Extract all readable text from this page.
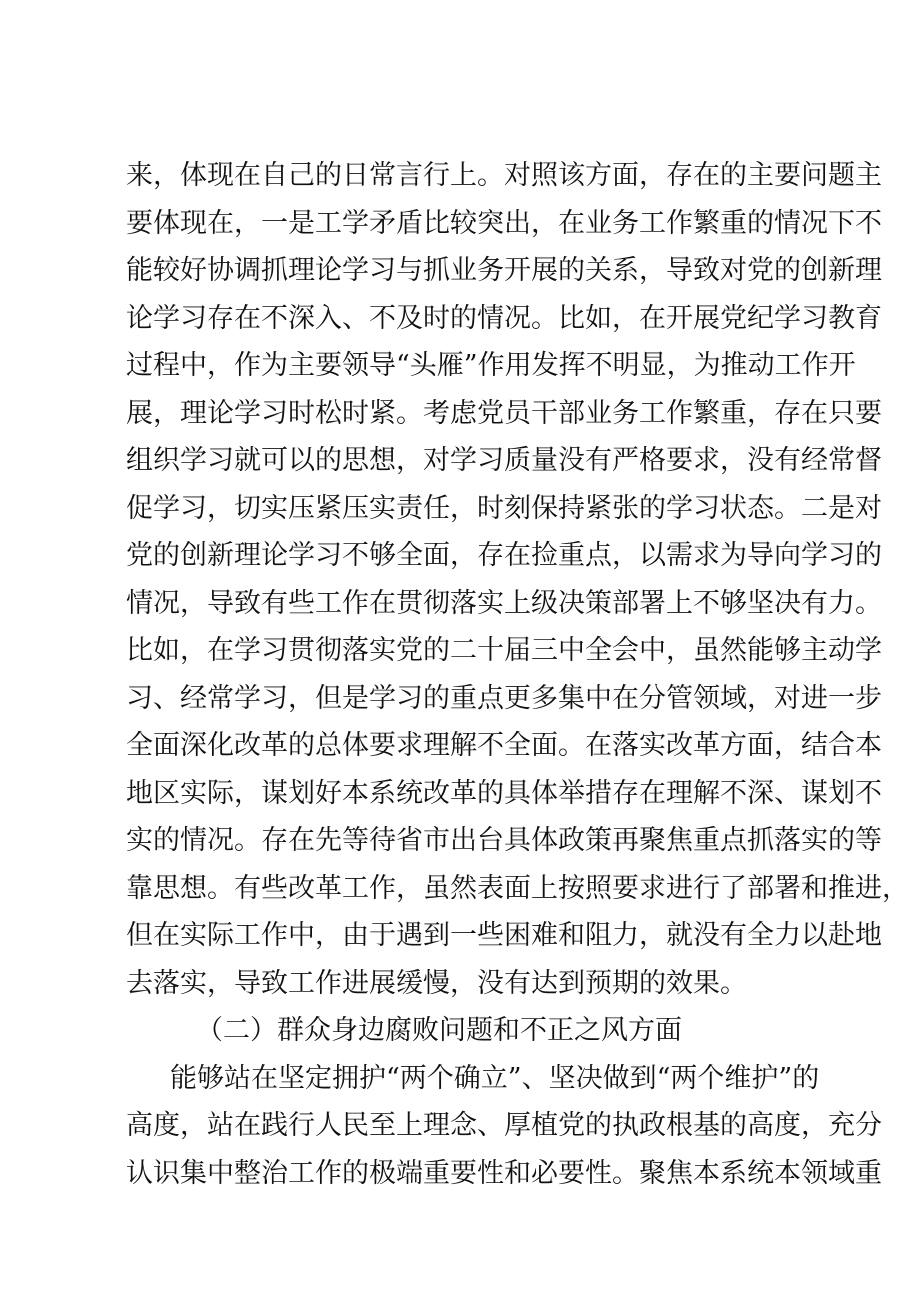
来，体现在自己的日常言行上。对照该方面，存在的主要问题主
要体现在，一是工学矛盾比较突出，在业务工作繁重的情况下不
能较好协调抓理论学习与抓业务开展的关系，导致对党的创新理
论学习存在不深入、不及时的情况。比如，在开展党纪学习教育
过程中，作为主要领导“头雁”作用发挥不明显，为推动工作开
展，理论学习时松时紧。考虑党员干部业务工作繁重，存在只要
组织学习就可以的思想，对学习质量没有严格要求，没有经常督
促学习，切实压紧压实责任，时刻保持紧张的学习状态。二是对
党的创新理论学习不够全面，存在捡重点，以需求为导向学习的
情况，导致有些工作在贯彻落实上级决策部署上不够坚决有力。
比如，在学习贯彻落实党的二十届三中全会中，虽然能够主动学
习、经常学习，但是学习的重点更多集中在分管领域，对进一步
全面深化改革的总体要求理解不全面。在落实改革方面，结合本
地区实际，谋划好本系统改革的具体举措存在理解不深、谋划不
实的情况。存在先等待省市出台具体政策再聚焦重点抓落实的等
靠思想。有些改革工作，虽然表面上按照要求进行了部署和推进，
但在实际工作中，由于遇到一些困难和阻力，就没有全力以赴地
去落实，导致工作进展缓慢，没有达到预期的效果。
（二）群众身边腐败问题和不正之风方面
能够站在坚定拥护“两个确立”、坚决做到“两个维护”的
高度，站在践行人民至上理念、厚植党的执政根基的高度，充分
认识集中整治工作的极端重要性和必要性。聚焦本系统本领域重
